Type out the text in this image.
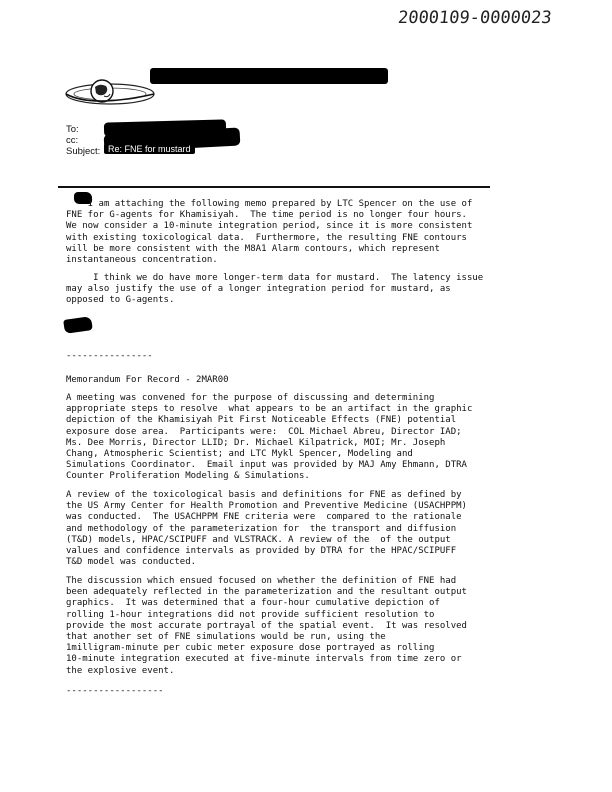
2000109-0000023
To:
cc:
Subject: Re: FNE for mustard
I am attaching the following memo prepared by LTC Spencer on the use of
FNE for G-agents for Khamisiyah.  The time period is no longer four hours.
We now consider a 10-minute integration period, since it is more consistent
with existing toxicological data.  Furthermore, the resulting FNE contours
will be more consistent with the M8A1 Alarm contours, which represent
instantaneous concentration.
I think we do have more longer-term data for mustard.  The latency issue
may also justify the use of a longer integration period for mustard, as
opposed to G-agents.
----------------
Memorandum For Record - 2MAR00
A meeting was convened for the purpose of discussing and determining
appropriate steps to resolve  what appears to be an artifact in the graphic
depiction of the Khamisiyah Pit First Noticeable Effects (FNE) potential
exposure dose area.  Participants were:  COL Michael Abreu, Director IAD;
Ms. Dee Morris, Director LLID; Dr. Michael Kilpatrick, MOI; Mr. Joseph
Chang, Atmospheric Scientist; and LTC Mykl Spencer, Modeling and
Simulations Coordinator.  Email input was provided by MAJ Amy Ehmann, DTRA
Counter Proliferation Modeling & Simulations.
A review of the toxicological basis and definitions for FNE as defined by
the US Army Center for Health Promotion and Preventive Medicine (USACHPPM)
was conducted.  The USACHPPM FNE criteria were  compared to the rationale
and methodology of the parameterization for  the transport and diffusion
(T&D) models, HPAC/SCIPUFF and VLSTRACK. A review of the  of the output
values and confidence intervals as provided by DTRA for the HPAC/SCIPUFF
T&D model was conducted.
The discussion which ensued focused on whether the definition of FNE had
been adequately reflected in the parameterization and the resultant output
graphics.  It was determined that a four-hour cumulative depiction of
rolling 1-hour integrations did not provide sufficient resolution to
provide the most accurate portrayal of the spatial event.  It was resolved
that another set of FNE simulations would be run, using the
1milligram-minute per cubic meter exposure dose portrayed as rolling
10-minute integration executed at five-minute intervals from time zero or
the explosive event.
------------------
